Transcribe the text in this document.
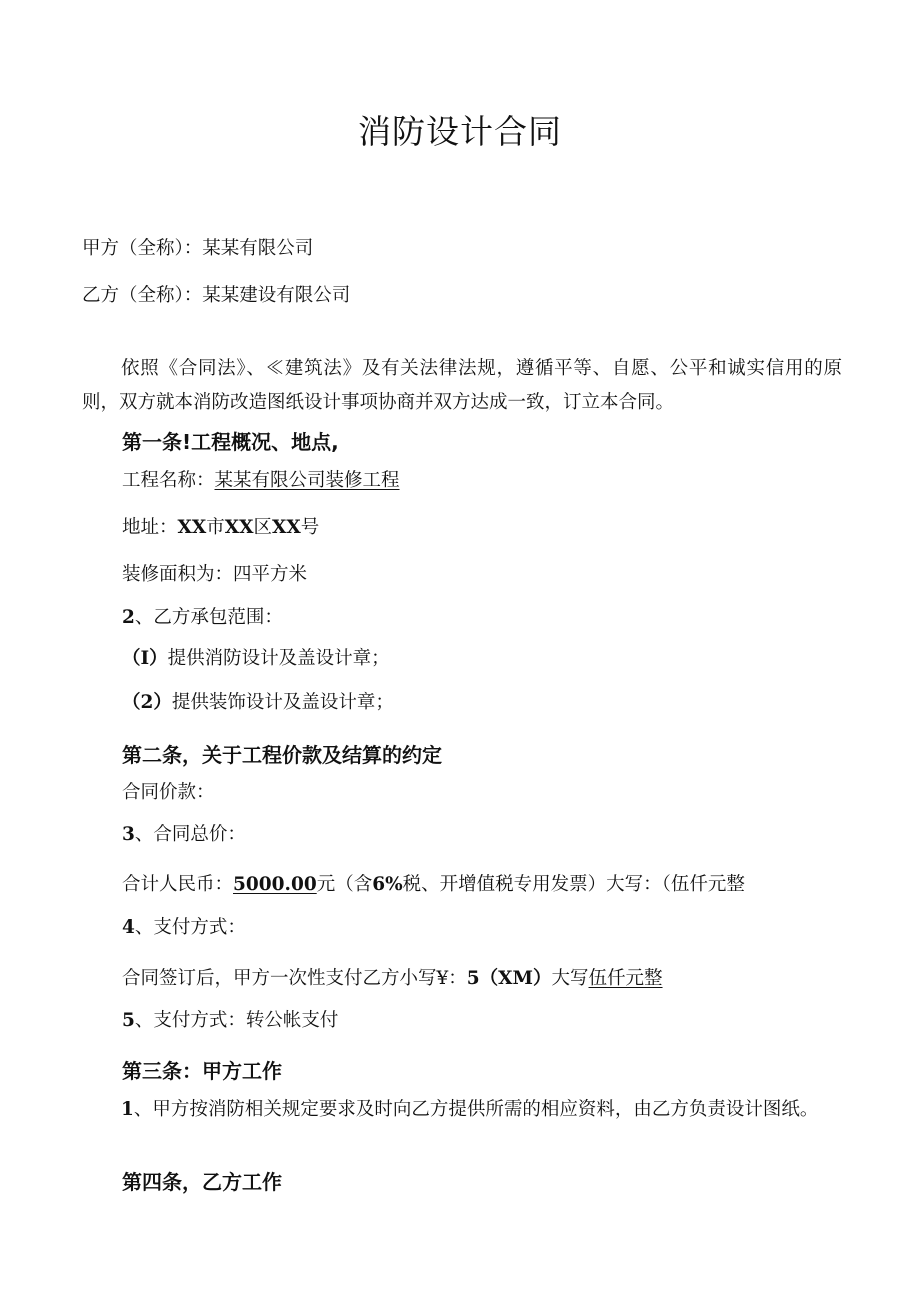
消防设计合同
甲方（全称）：某某有限公司
乙方（全称）：某某建设有限公司
依照《合同法》、≪建筑法》及有关法律法规，遵循平等、自愿、公平和诚实信用的原则，双方就本消防改造图纸设计事项协商并双方达成一致，订立本合同。
第一条!工程概况、地点,
工程名称：某某有限公司装修工程
地址：XX市XX区XX号
装修面积为：四平方米
2、乙方承包范围：
（I）提供消防设计及盖设计章；
（2）提供装饰设计及盖设计章；
第二条，关于工程价款及结算的约定
合同价款：
3、合同总价：
合计人民币：5000.00元（含6%税、开增值税专用发票）大写：（伍仟元整
4、支付方式：
合同签订后，甲方一次性支付乙方小写¥：5（XM）大写伍仟元整
5、支付方式：转公帐支付
第三条：甲方工作
1、甲方按消防相关规定要求及时向乙方提供所需的相应资料，由乙方负责设计图纸。
第四条，乙方工作
